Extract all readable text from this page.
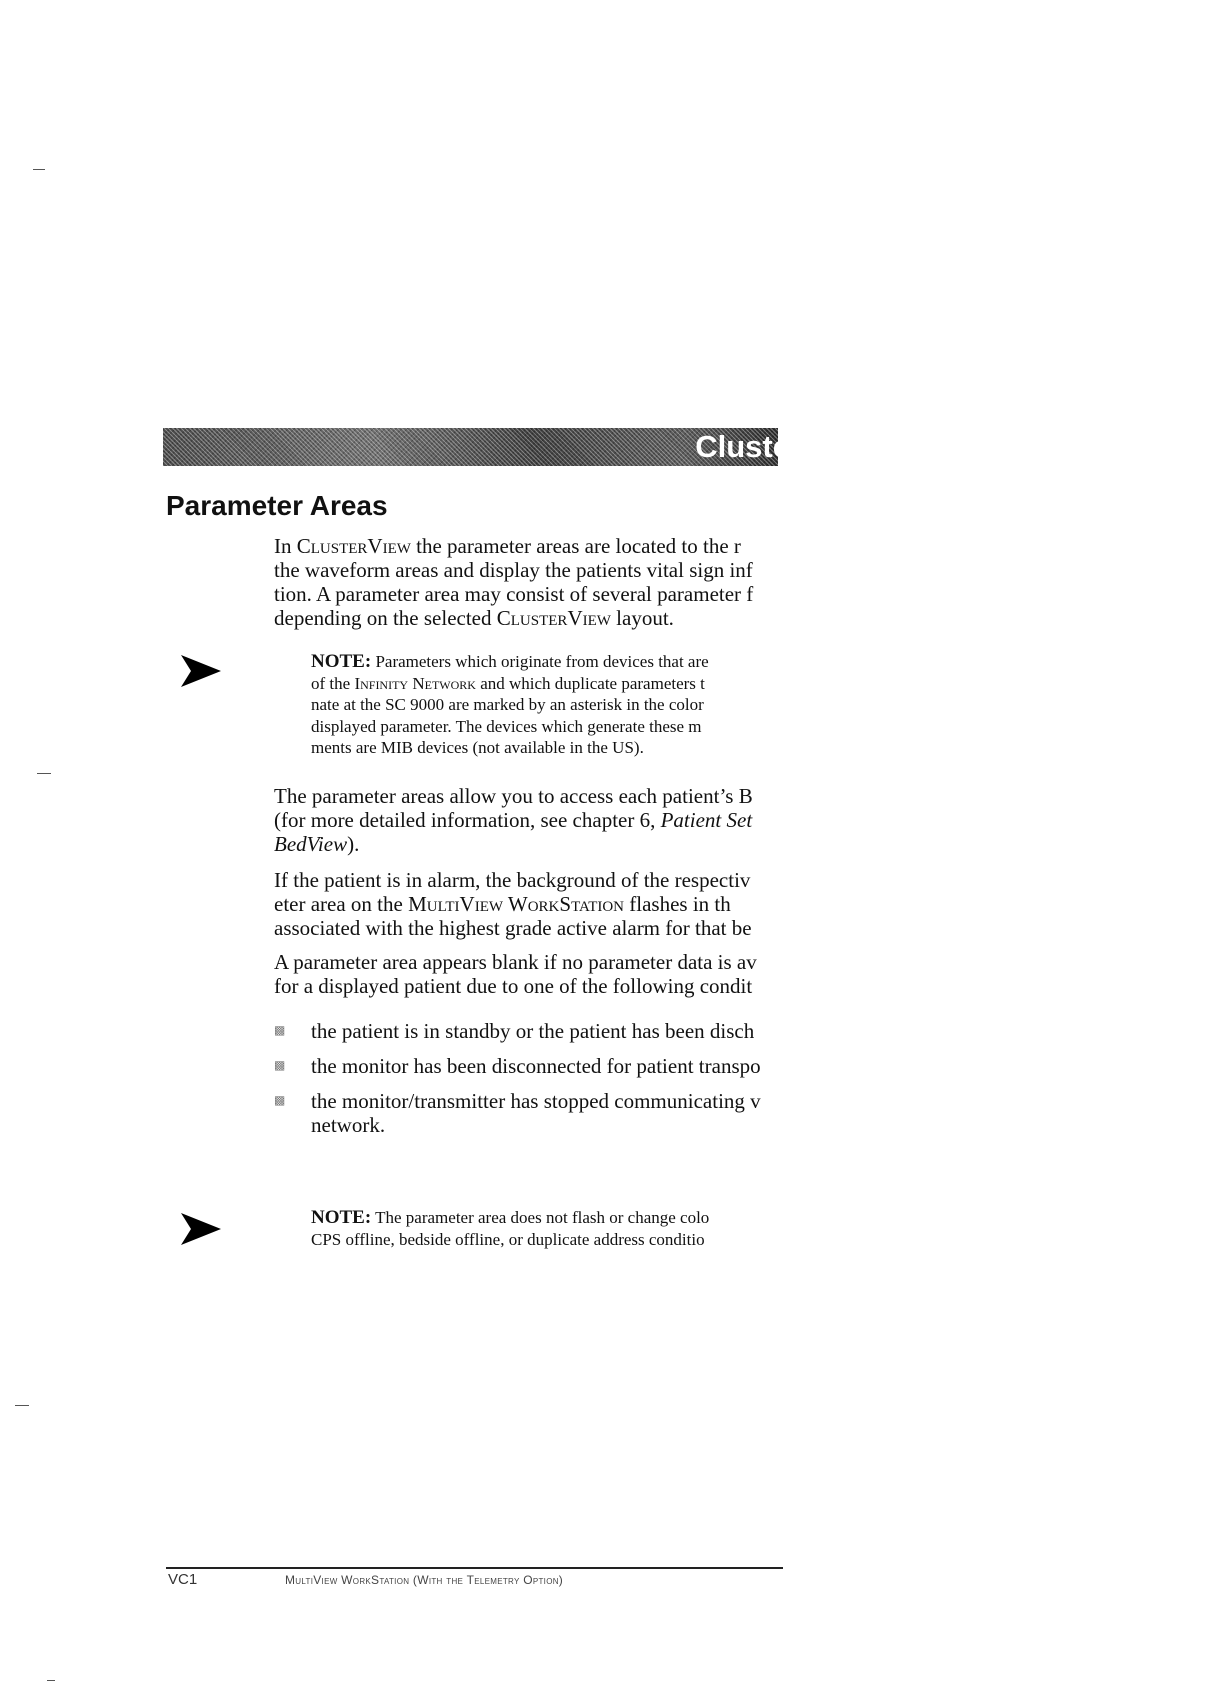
Cluste
Parameter Areas

In ClusterView the parameter areas are located to the r
the waveform areas and display the patients vital sign inf
tion. A parameter area may consist of several parameter f
depending on the selected ClusterView layout.

NOTE: Parameters which originate from devices that are
of the Infinity Network and which duplicate parameters t
nate at the SC 9000 are marked by an asterisk in the color
displayed parameter. The devices which generate these m
ments are MIB devices (not available in the US).

The parameter areas allow you to access each patient’s B
(for more detailed information, see chapter 6, Patient Set
BedView).

If the patient is in alarm, the background of the respectiv
eter area on the MultiView WorkStation flashes in th
associated with the highest grade active alarm for that be

A parameter area appears blank if no parameter data is av
for a displayed patient due to one of the following condit

▩ the patient is in standby or the patient has been disch
▩ the monitor has been disconnected for patient transpo
▩ the monitor/transmitter has stopped communicating v
network.

NOTE: The parameter area does not flash or change colo
CPS offline, bedside offline, or duplicate address conditio

VC1	MultiView WorkStation (With the Telemetry Option)
